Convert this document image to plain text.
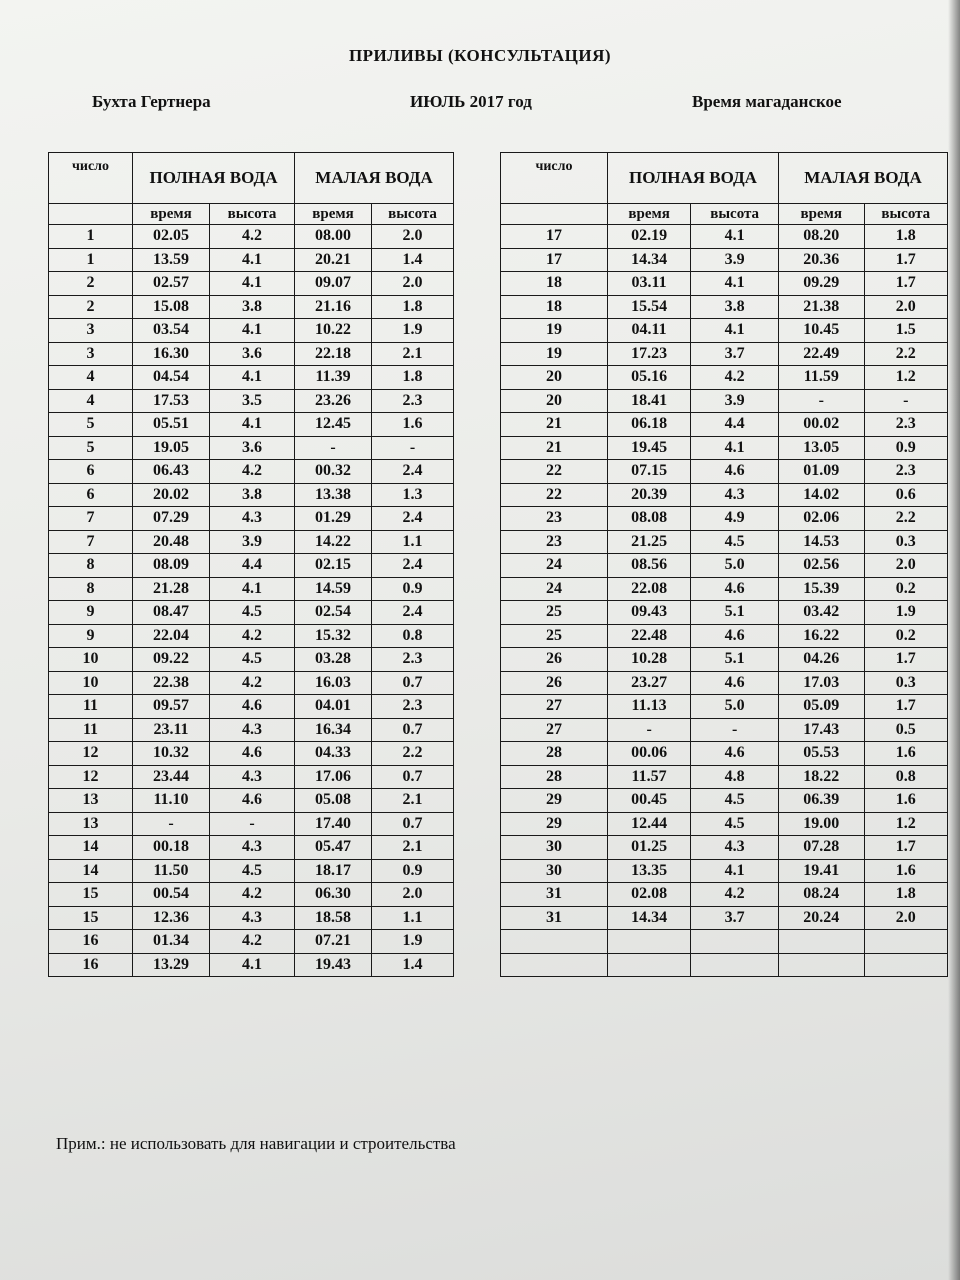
ПРИЛИВЫ (КОНСУЛЬТАЦИЯ)
Бухта Гертнера	ИЮЛЬ 2017 год	Время магаданское
число	ПОЛНАЯ ВОДА		МАЛАЯ ВОДА	
	время	высота	время	высота
1	02.05	4.2	08.00	2.0
1	13.59	4.1	20.21	1.4
2	02.57	4.1	09.07	2.0
2	15.08	3.8	21.16	1.8
3	03.54	4.1	10.22	1.9
3	16.30	3.6	22.18	2.1
4	04.54	4.1	11.39	1.8
4	17.53	3.5	23.26	2.3
5	05.51	4.1	12.45	1.6
5	19.05	3.6	-	-
6	06.43	4.2	00.32	2.4
6	20.02	3.8	13.38	1.3
7	07.29	4.3	01.29	2.4
7	20.48	3.9	14.22	1.1
8	08.09	4.4	02.15	2.4
8	21.28	4.1	14.59	0.9
9	08.47	4.5	02.54	2.4
9	22.04	4.2	15.32	0.8
10	09.22	4.5	03.28	2.3
10	22.38	4.2	16.03	0.7
11	09.57	4.6	04.01	2.3
11	23.11	4.3	16.34	0.7
12	10.32	4.6	04.33	2.2
12	23.44	4.3	17.06	0.7
13	11.10	4.6	05.08	2.1
13	-	-	17.40	0.7
14	00.18	4.3	05.47	2.1
14	11.50	4.5	18.17	0.9
15	00.54	4.2	06.30	2.0
15	12.36	4.3	18.58	1.1
16	01.34	4.2	07.21	1.9
16	13.29	4.1	19.43	1.4
число	ПОЛНАЯ ВОДА		МАЛАЯ ВОДА	
	время	высота	время	высота
17	02.19	4.1	08.20	1.8
17	14.34	3.9	20.36	1.7
18	03.11	4.1	09.29	1.7
18	15.54	3.8	21.38	2.0
19	04.11	4.1	10.45	1.5
19	17.23	3.7	22.49	2.2
20	05.16	4.2	11.59	1.2
20	18.41	3.9	-	-
21	06.18	4.4	00.02	2.3
21	19.45	4.1	13.05	0.9
22	07.15	4.6	01.09	2.3
22	20.39	4.3	14.02	0.6
23	08.08	4.9	02.06	2.2
23	21.25	4.5	14.53	0.3
24	08.56	5.0	02.56	2.0
24	22.08	4.6	15.39	0.2
25	09.43	5.1	03.42	1.9
25	22.48	4.6	16.22	0.2
26	10.28	5.1	04.26	1.7
26	23.27	4.6	17.03	0.3
27	11.13	5.0	05.09	1.7
27	-	-	17.43	0.5
28	00.06	4.6	05.53	1.6
28	11.57	4.8	18.22	0.8
29	00.45	4.5	06.39	1.6
29	12.44	4.5	19.00	1.2
30	01.25	4.3	07.28	1.7
30	13.35	4.1	19.41	1.6
31	02.08	4.2	08.24	1.8
31	14.34	3.7	20.24	2.0

Прим.: не использовать для навигации и строительства
